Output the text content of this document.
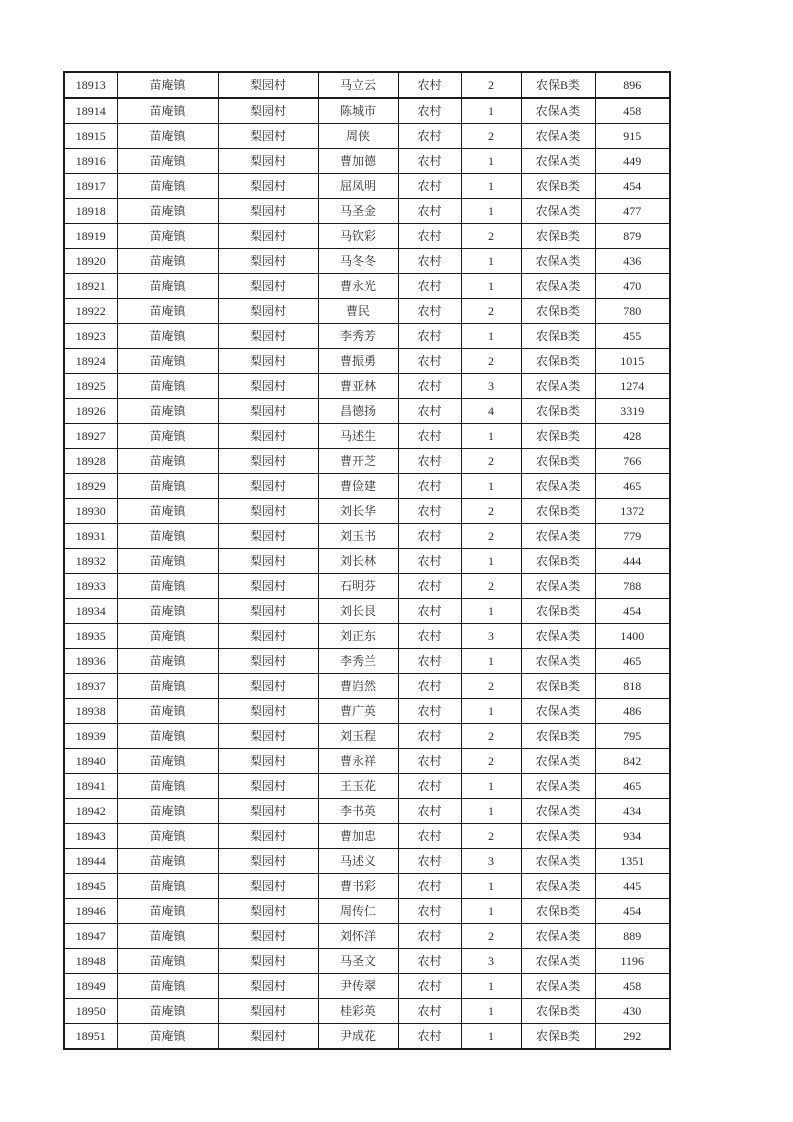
18913	苗庵镇	梨园村	马立云	农村	2	农保B类	896
18914	苗庵镇	梨园村	陈城市	农村	1	农保A类	458
18915	苗庵镇	梨园村	周侠	农村	2	农保A类	915
18916	苗庵镇	梨园村	曹加德	农村	1	农保A类	449
18917	苗庵镇	梨园村	屈凤明	农村	1	农保B类	454
18918	苗庵镇	梨园村	马圣金	农村	1	农保A类	477
18919	苗庵镇	梨园村	马钦彩	农村	2	农保B类	879
18920	苗庵镇	梨园村	马冬冬	农村	1	农保A类	436
18921	苗庵镇	梨园村	曹永光	农村	1	农保A类	470
18922	苗庵镇	梨园村	曹民	农村	2	农保B类	780
18923	苗庵镇	梨园村	李秀芳	农村	1	农保B类	455
18924	苗庵镇	梨园村	曹振勇	农村	2	农保B类	1015
18925	苗庵镇	梨园村	曹亚林	农村	3	农保A类	1274
18926	苗庵镇	梨园村	昌德扬	农村	4	农保B类	3319
18927	苗庵镇	梨园村	马述生	农村	1	农保B类	428
18928	苗庵镇	梨园村	曹开芝	农村	2	农保B类	766
18929	苗庵镇	梨园村	曹俭建	农村	1	农保A类	465
18930	苗庵镇	梨园村	刘长华	农村	2	农保B类	1372
18931	苗庵镇	梨园村	刘玉书	农村	2	农保A类	779
18932	苗庵镇	梨园村	刘长林	农村	1	农保B类	444
18933	苗庵镇	梨园村	石明芬	农村	2	农保A类	788
18934	苗庵镇	梨园村	刘长艮	农村	1	农保B类	454
18935	苗庵镇	梨园村	刘正东	农村	3	农保A类	1400
18936	苗庵镇	梨园村	李秀兰	农村	1	农保A类	465
18937	苗庵镇	梨园村	曹岿然	农村	2	农保B类	818
18938	苗庵镇	梨园村	曹广英	农村	1	农保A类	486
18939	苗庵镇	梨园村	刘玉程	农村	2	农保B类	795
18940	苗庵镇	梨园村	曹永祥	农村	2	农保A类	842
18941	苗庵镇	梨园村	王玉花	农村	1	农保A类	465
18942	苗庵镇	梨园村	李书英	农村	1	农保A类	434
18943	苗庵镇	梨园村	曹加忠	农村	2	农保A类	934
18944	苗庵镇	梨园村	马述义	农村	3	农保A类	1351
18945	苗庵镇	梨园村	曹书彩	农村	1	农保A类	445
18946	苗庵镇	梨园村	周传仁	农村	1	农保B类	454
18947	苗庵镇	梨园村	刘怀洋	农村	2	农保A类	889
18948	苗庵镇	梨园村	马圣文	农村	3	农保A类	1196
18949	苗庵镇	梨园村	尹传翠	农村	1	农保A类	458
18950	苗庵镇	梨园村	桂彩英	农村	1	农保B类	430
18951	苗庵镇	梨园村	尹成花	农村	1	农保B类	292
